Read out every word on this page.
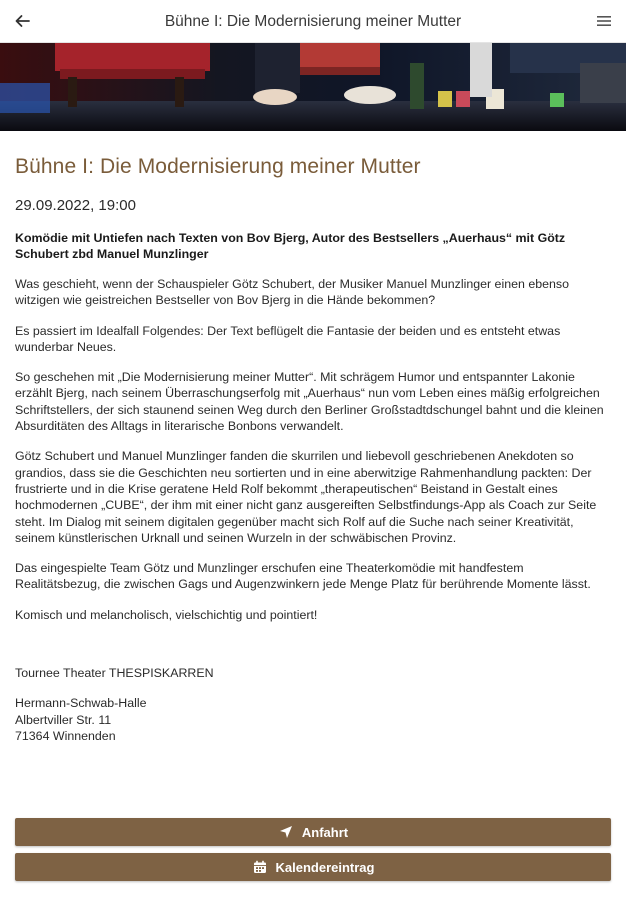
Bühne I: Die Modernisierung meiner Mutter
Bühne I: Die Modernisierung meiner Mutter
29.09.2022, 19:00

Komödie mit Untiefen nach Texten von Bov Bjerg, Autor des Bestsellers „Auerhaus“ mit Götz Schubert zbd Manuel Munzlinger

Was geschieht, wenn der Schauspieler Götz Schubert, der Musiker Manuel Munzlinger einen ebenso witzigen wie geistreichen Bestseller von Bov Bjerg in die Hände bekommen?

Es passiert im Idealfall Folgendes: Der Text beflügelt die Fantasie der beiden und es entsteht etwas wunderbar Neues.

So geschehen mit „Die Modernisierung meiner Mutter“. Mit schrägem Humor und entspannter Lakonie erzählt Bjerg, nach seinem Überraschungserfolg mit „Auerhaus“ nun vom Leben eines mäßig erfolgreichen Schriftstellers, der sich staunend seinen Weg durch den Berliner Großstadtdschungel bahnt und die kleinen Absurditäten des Alltags in literarische Bonbons verwandelt.

Götz Schubert und Manuel Munzlinger fanden die skurrilen und liebevoll geschriebenen Anekdoten so grandios, dass sie die Geschichten neu sortierten und in eine aberwitzige Rahmenhandlung packten: Der frustrierte und in die Krise geratene Held Rolf bekommt „therapeutischen“ Beistand in Gestalt eines hochmodernen „CUBE“, der ihm mit einer nicht ganz ausgereiften Selbstfindungs-App als Coach zur Seite steht. Im Dialog mit seinem digitalen gegenüber macht sich Rolf auf die Suche nach seiner Kreativität, seinem künstlerischen Urknall und seinen Wurzeln in der schwäbischen Provinz.

Das eingespielte Team Götz und Munzlinger erschufen eine Theaterkomödie mit handfestem Realitätsbezug, die zwischen Gags und Augenzwinkern jede Menge Platz für berührende Momente lässt.

Komisch und melancholisch, vielschichtig und pointiert!

Tournee Theater THESPISKARREN
Hermann-Schwab-Halle
Albertviller Str. 11
71364 Winnenden
Anfahrt
Kalendereintrag
